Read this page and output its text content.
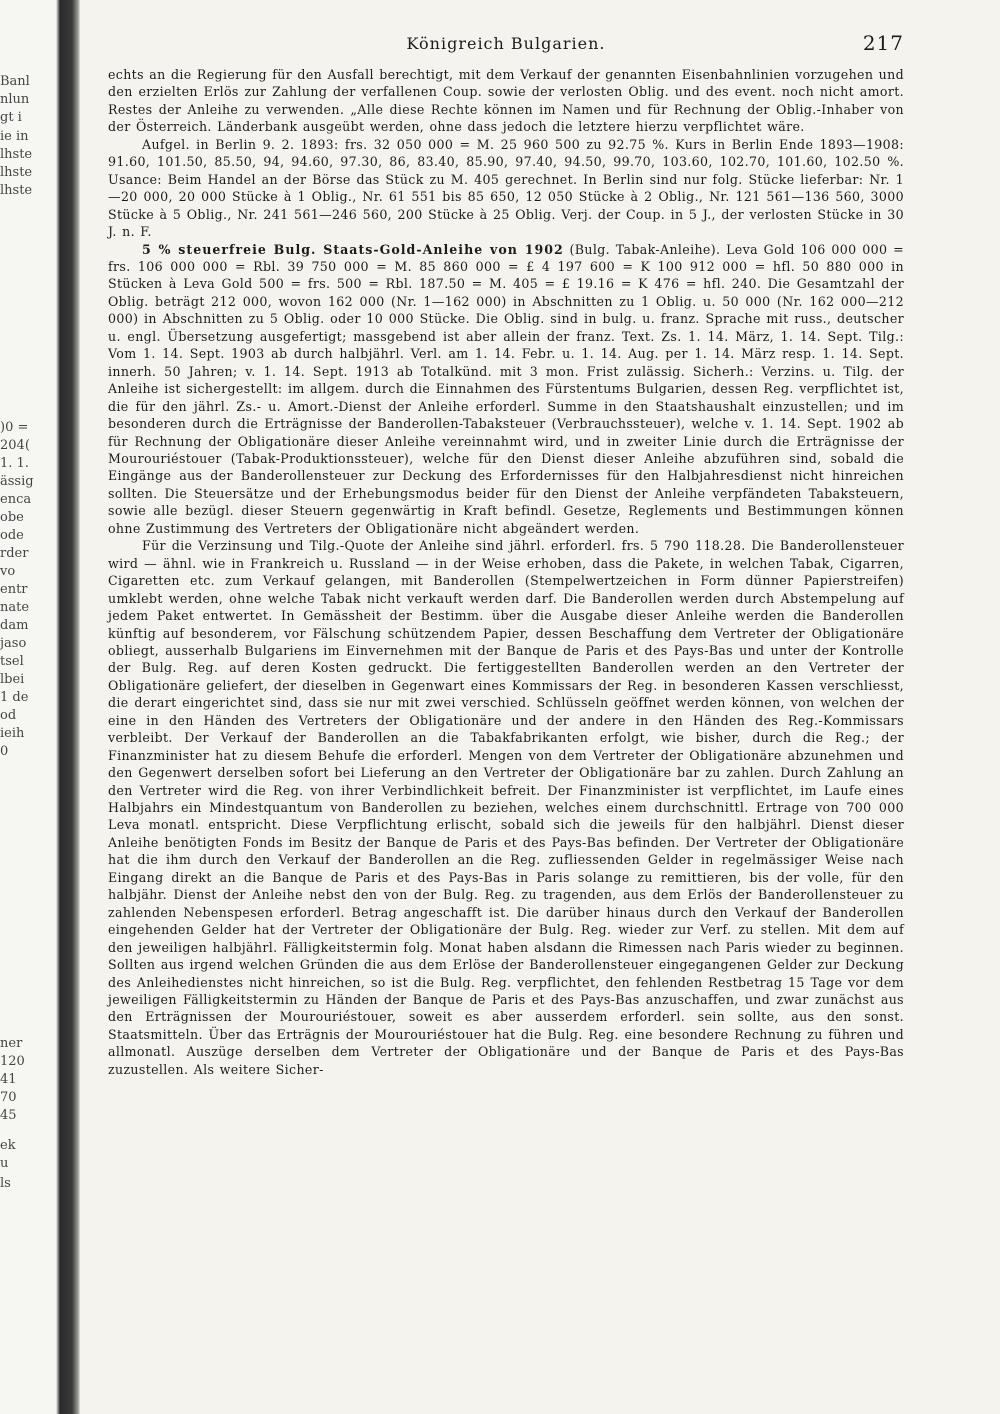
Banl
nlun
gt i
ie in
lhste
lhste
lhste
)0 =
204(
1. 1.
ässig
enca
obe
ode
rder
vo
entr
nate
dam
jaso
tsel
lbei
1 de
od
ieih
0
ner
120
41
70
45
ek
u
ls
Königreich Bulgarien.	217

echts an die Regierung für den Ausfall berechtigt, mit dem Verkauf der genannten Eisenbahnlinien vorzugehen und den erzielten Erlös zur Zahlung der verfallenen Coup. sowie der verlosten Oblig. und des event. noch nicht amort. Restes der Anleihe zu verwenden. „Alle diese Rechte können im Namen und für Rechnung der Oblig.-Inhaber von der Österreich. Länderbank ausgeübt werden, ohne dass jedoch die letztere hierzu verpflichtet wäre.

Aufgel. in Berlin 9. 2. 1893: frs. 32 050 000 = M. 25 960 500 zu 92.75 %. Kurs in Berlin Ende 1893—1908: 91.60, 101.50, 85.50, 94, 94.60, 97.30, 86, 83.40, 85.90, 97.40, 94.50, 99.70, 103.60, 102.70, 101.60, 102.50 %. Usance: Beim Handel an der Börse das Stück zu M. 405 gerechnet. In Berlin sind nur folg. Stücke lieferbar: Nr. 1—20 000, 20 000 Stücke à 1 Oblig., Nr. 61 551 bis 85 650, 12 050 Stücke à 2 Oblig., Nr. 121 561—136 560, 3000 Stücke à 5 Oblig., Nr. 241 561—246 560, 200 Stücke à 25 Oblig. Verj. der Coup. in 5 J., der verlosten Stücke in 30 J. n. F.

5 % steuerfreie Bulg. Staats-Gold-Anleihe von 1902 (Bulg. Tabak-Anleihe). Leva Gold 106 000 000 = frs. 106 000 000 = Rbl. 39 750 000 = M. 85 860 000 = £ 4 197 600 = K 100 912 000 = hfl. 50 880 000 in Stücken à Leva Gold 500 = frs. 500 = Rbl. 187.50 = M. 405 = £ 19.16 = K 476 = hfl. 240. Die Gesamtzahl der Oblig. beträgt 212 000, wovon 162 000 (Nr. 1—162 000) in Abschnitten zu 1 Oblig. u. 50 000 (Nr. 162 000—212 000) in Abschnitten zu 5 Oblig. oder 10 000 Stücke. Die Oblig. sind in bulg. u. franz. Sprache mit russ., deutscher u. engl. Übersetzung ausgefertigt; massgebend ist aber allein der franz. Text. Zs. 1. 14. März, 1. 14. Sept. Tilg.: Vom 1. 14. Sept. 1903 ab durch halbjährl. Verl. am 1. 14. Febr. u. 1. 14. Aug. per 1. 14. März resp. 1. 14. Sept. innerh. 50 Jahren; v. 1. 14. Sept. 1913 ab Totalkünd. mit 3 mon. Frist zulässig. Sicherh.: Verzins. u. Tilg. der Anleihe ist sichergestellt: im allgem. durch die Einnahmen des Fürstentums Bulgarien, dessen Reg. verpflichtet ist, die für den jährl. Zs.- u. Amort.-Dienst der Anleihe erforderl. Summe in den Staatshaushalt einzustellen; und im besonderen durch die Erträgnisse der Banderollen-Tabaksteuer (Verbrauchssteuer), welche v. 1. 14. Sept. 1902 ab für Rechnung der Obligationäre dieser Anleihe vereinnahmt wird, und in zweiter Linie durch die Erträgnisse der Mourouriéstouer (Tabak-Produktionssteuer), welche für den Dienst dieser Anleihe abzuführen sind, sobald die Eingänge aus der Banderollensteuer zur Deckung des Erfordernisses für den Halbjahresdienst nicht hinreichen sollten. Die Steuersätze und der Erhebungsmodus beider für den Dienst der Anleihe verpfändeten Tabaksteuern, sowie alle bezügl. dieser Steuern gegenwärtig in Kraft befindl. Gesetze, Reglements und Bestimmungen können ohne Zustimmung des Vertreters der Obligationäre nicht abgeändert werden.

Für die Verzinsung und Tilg.-Quote der Anleihe sind jährl. erforderl. frs. 5 790 118.28. Die Banderollensteuer wird — ähnl. wie in Frankreich u. Russland — in der Weise erhoben, dass die Pakete, in welchen Tabak, Cigarren, Cigaretten etc. zum Verkauf gelangen, mit Banderollen (Stempelwertzeichen in Form dünner Papierstreifen) umklebt werden, ohne welche Tabak nicht verkauft werden darf. Die Banderollen werden durch Abstempelung auf jedem Paket entwertet. In Gemässheit der Bestimm. über die Ausgabe dieser Anleihe werden die Banderollen künftig auf besonderem, vor Fälschung schützendem Papier, dessen Beschaffung dem Vertreter der Obligationäre obliegt, ausserhalb Bulgariens im Einvernehmen mit der Banque de Paris et des Pays-Bas und unter der Kontrolle der Bulg. Reg. auf deren Kosten gedruckt. Die fertiggestellten Banderollen werden an den Vertreter der Obligationäre geliefert, der dieselben in Gegenwart eines Kommissars der Reg. in besonderen Kassen verschliesst, die derart eingerichtet sind, dass sie nur mit zwei verschied. Schlüsseln geöffnet werden können, von welchen der eine in den Händen des Vertreters der Obligationäre und der andere in den Händen des Reg.-Kommissars verbleibt. Der Verkauf der Banderollen an die Tabakfabrikanten erfolgt, wie bisher, durch die Reg.; der Finanzminister hat zu diesem Behufe die erforderl. Mengen von dem Vertreter der Obligationäre abzunehmen und den Gegenwert derselben sofort bei Lieferung an den Vertreter der Obligationäre bar zu zahlen. Durch Zahlung an den Vertreter wird die Reg. von ihrer Verbindlichkeit befreit. Der Finanzminister ist verpflichtet, im Laufe eines Halbjahrs ein Mindestquantum von Banderollen zu beziehen, welches einem durchschnittl. Ertrage von 700 000 Leva monatl. entspricht. Diese Verpflichtung erlischt, sobald sich die jeweils für den halbjährl. Dienst dieser Anleihe benötigten Fonds im Besitz der Banque de Paris et des Pays-Bas befinden. Der Vertreter der Obligationäre hat die ihm durch den Verkauf der Banderollen an die Reg. zufliessenden Gelder in regelmässiger Weise nach Eingang direkt an die Banque de Paris et des Pays-Bas in Paris solange zu remittieren, bis der volle, für den halbjähr. Dienst der Anleihe nebst den von der Bulg. Reg. zu tragenden, aus dem Erlös der Banderollensteuer zu zahlenden Nebenspesen erforderl. Betrag angeschafft ist. Die darüber hinaus durch den Verkauf der Banderollen eingehenden Gelder hat der Vertreter der Obligationäre der Bulg. Reg. wieder zur Verf. zu stellen. Mit dem auf den jeweiligen halbjährl. Fälligkeitstermin folg. Monat haben alsdann die Rimessen nach Paris wieder zu beginnen. Sollten aus irgend welchen Gründen die aus dem Erlöse der Banderollensteuer eingegangenen Gelder zur Deckung des Anleihedienstes nicht hinreichen, so ist die Bulg. Reg. verpflichtet, den fehlenden Restbetrag 15 Tage vor dem jeweiligen Fälligkeitstermin zu Händen der Banque de Paris et des Pays-Bas anzuschaffen, und zwar zunächst aus den Erträgnissen der Mourouriéstouer, soweit es aber ausserdem erforderl. sein sollte, aus den sonst. Staatsmitteln. Über das Erträgnis der Mourouriéstouer hat die Bulg. Reg. eine besondere Rechnung zu führen und allmonatl. Auszüge derselben dem Vertreter der Obligationäre und der Banque de Paris et des Pays-Bas zuzustellen. Als weitere Sicher-
